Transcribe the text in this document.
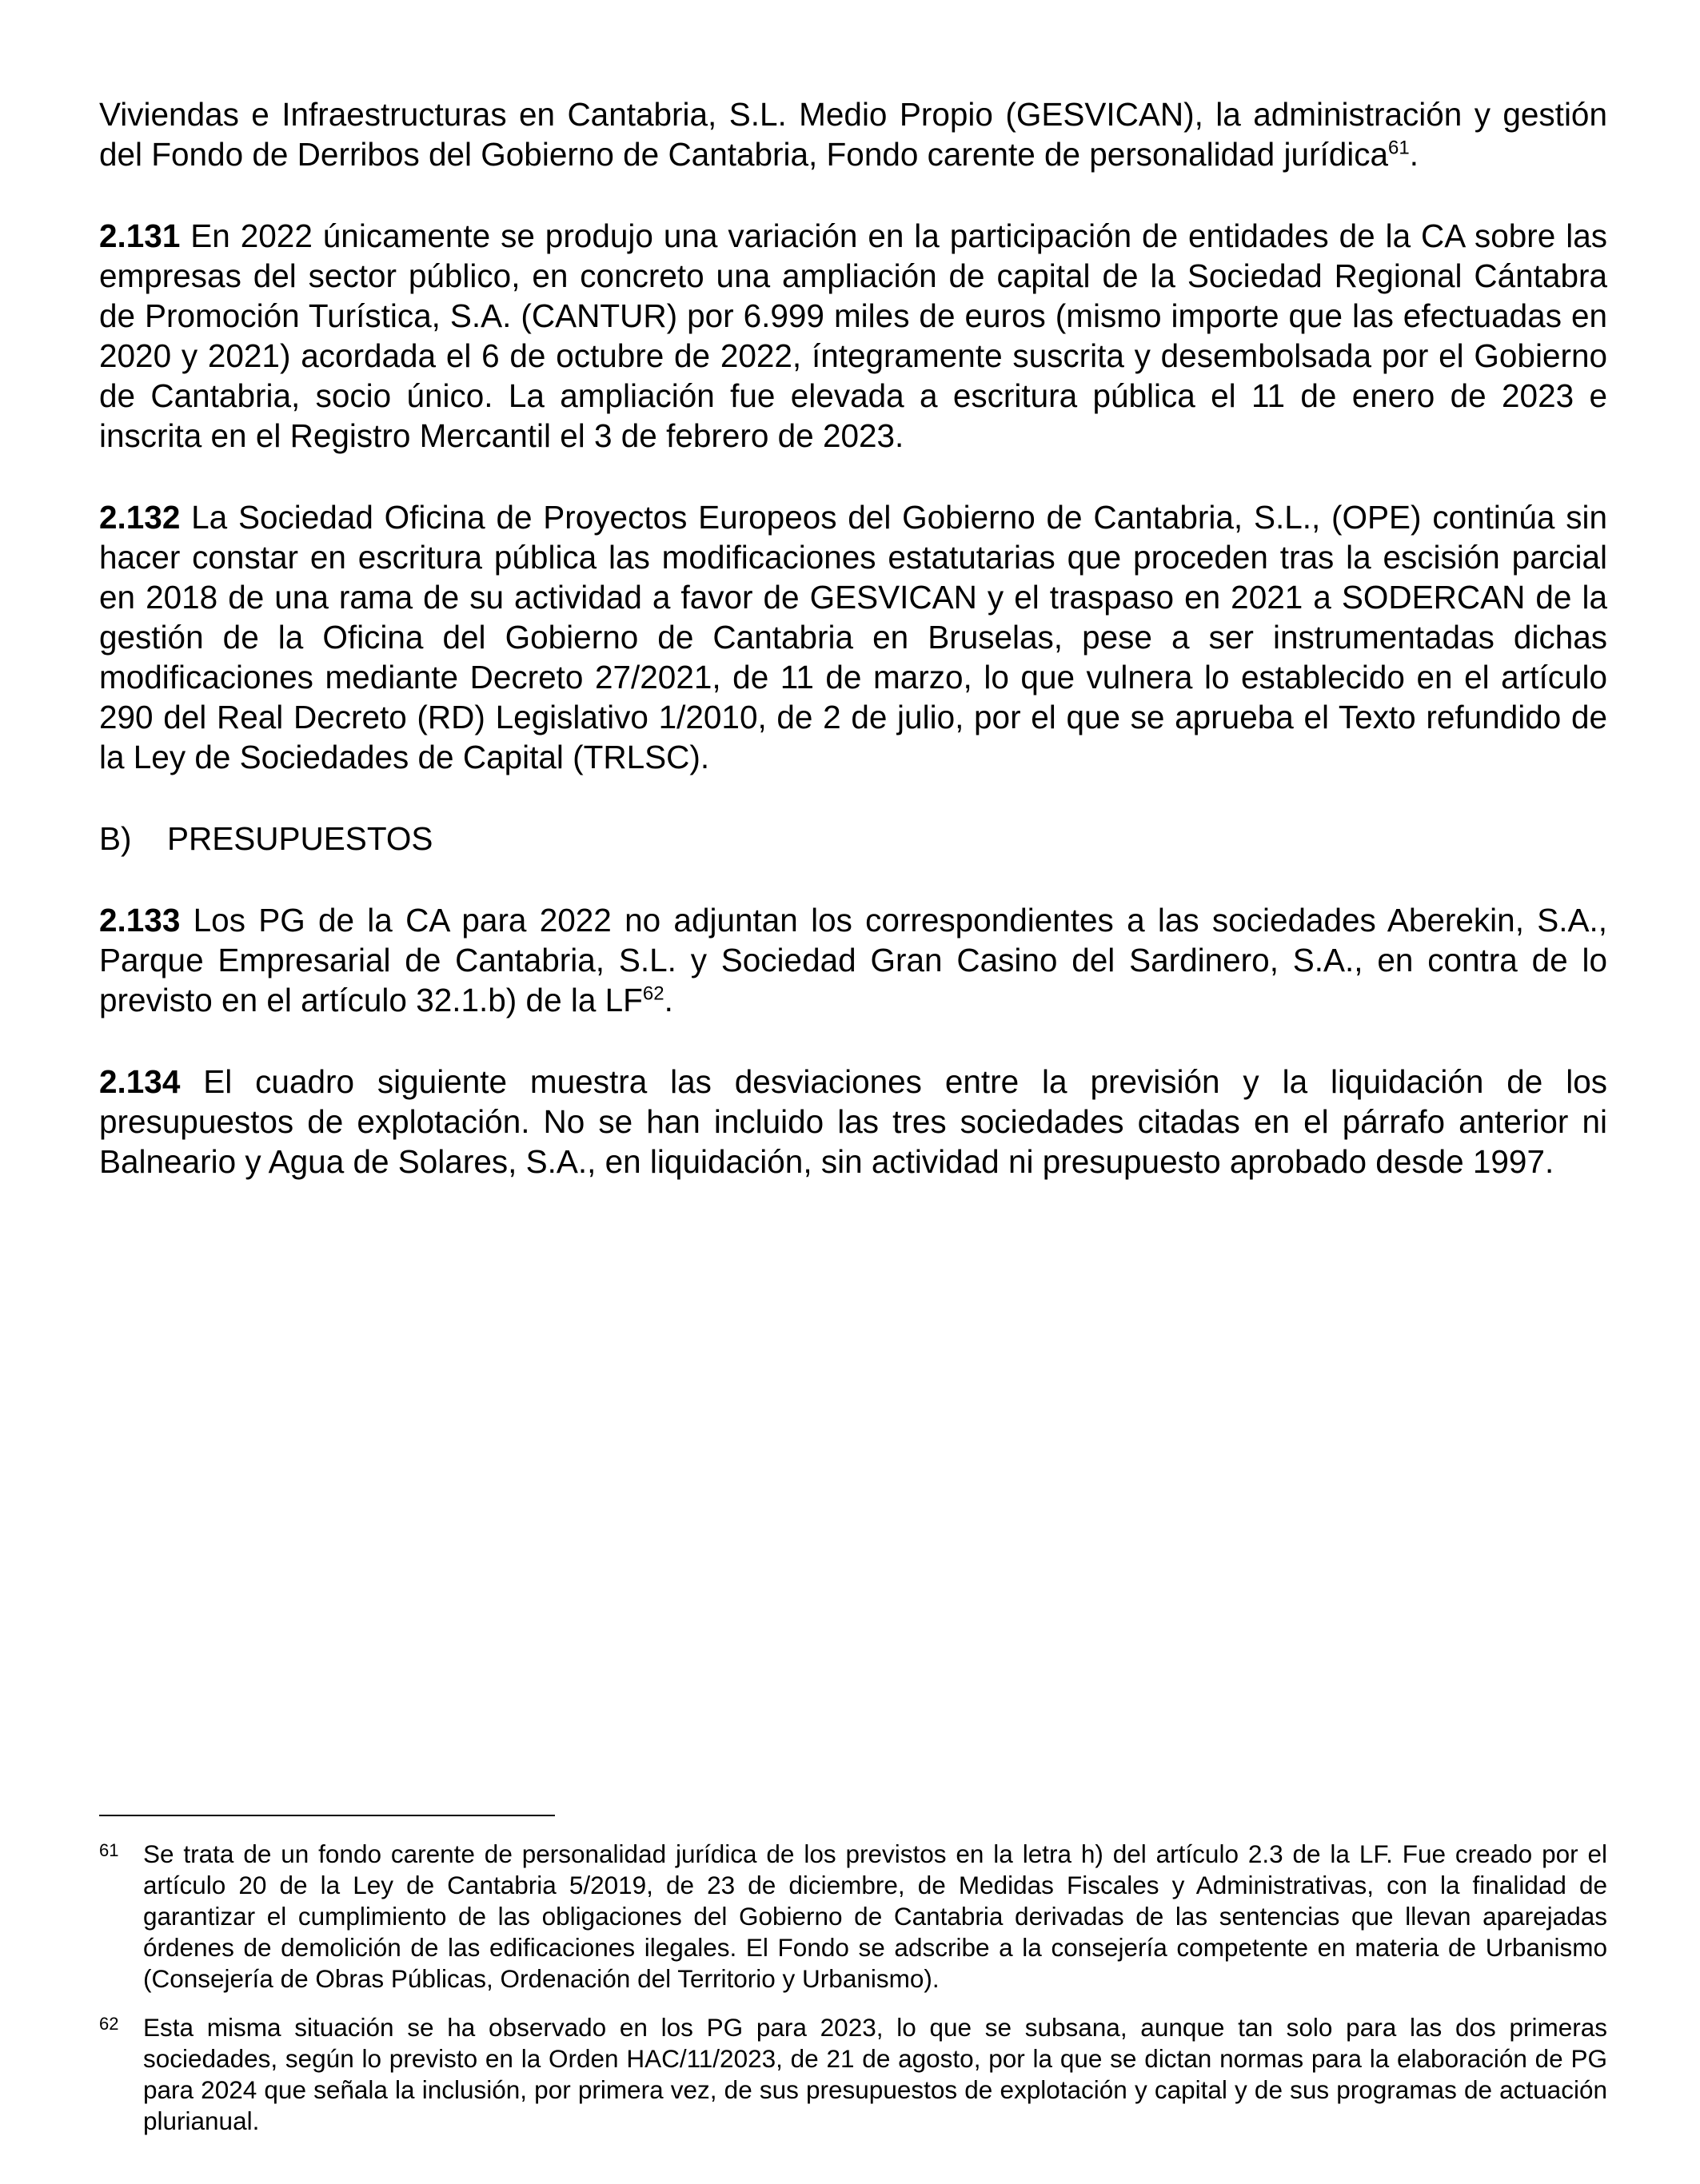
Viviendas e Infraestructuras en Cantabria, S.L. Medio Propio (GESVICAN), la administración y gestión del Fondo de Derribos del Gobierno de Cantabria, Fondo carente de personalidad jurídica$^{61}$.

2.131 En 2022 únicamente se produjo una variación en la participación de entidades de la CA sobre las empresas del sector público, en concreto una ampliación de capital de la Sociedad Regional Cántabra de Promoción Turística, S.A. (CANTUR) por 6.999 miles de euros (mismo importe que las efectuadas en 2020 y 2021) acordada el 6 de octubre de 2022, íntegramente suscrita y desembolsada por el Gobierno de Cantabria, socio único. La ampliación fue elevada a escritura pública el 11 de enero de 2023 e inscrita en el Registro Mercantil el 3 de febrero de 2023.

2.132 La Sociedad Oficina de Proyectos Europeos del Gobierno de Cantabria, S.L., (OPE) continúa sin hacer constar en escritura pública las modificaciones estatutarias que proceden tras la escisión parcial en 2018 de una rama de su actividad a favor de GESVICAN y el traspaso en 2021 a SODERCAN de la gestión de la Oficina del Gobierno de Cantabria en Bruselas, pese a ser instrumentadas dichas modificaciones mediante Decreto 27/2021, de 11 de marzo, lo que vulnera lo establecido en el artículo 290 del Real Decreto (RD) Legislativo 1/2010, de 2 de julio, por el que se aprueba el Texto refundido de la Ley de Sociedades de Capital (TRLSC).

B) PRESUPUESTOS

2.133 Los PG de la CA para 2022 no adjuntan los correspondientes a las sociedades Aberekin, S.A., Parque Empresarial de Cantabria, S.L. y Sociedad Gran Casino del Sardinero, S.A., en contra de lo previsto en el artículo 32.1.b) de la LF$^{62}$.

2.134 El cuadro siguiente muestra las desviaciones entre la previsión y la liquidación de los presupuestos de explotación. No se han incluido las tres sociedades citadas en el párrafo anterior ni Balneario y Agua de Solares, S.A., en liquidación, sin actividad ni presupuesto aprobado desde 1997.

61 Se trata de un fondo carente de personalidad jurídica de los previstos en la letra h) del artículo 2.3 de la LF. Fue creado por el artículo 20 de la Ley de Cantabria 5/2019, de 23 de diciembre, de Medidas Fiscales y Administrativas, con la finalidad de garantizar el cumplimiento de las obligaciones del Gobierno de Cantabria derivadas de las sentencias que llevan aparejadas órdenes de demolición de las edificaciones ilegales. El Fondo se adscribe a la consejería competente en materia de Urbanismo (Consejería de Obras Públicas, Ordenación del Territorio y Urbanismo).
62 Esta misma situación se ha observado en los PG para 2023, lo que se subsana, aunque tan solo para las dos primeras sociedades, según lo previsto en la Orden HAC/11/2023, de 21 de agosto, por la que se dictan normas para la elaboración de PG para 2024 que señala la inclusión, por primera vez, de sus presupuestos de explotación y capital y de sus programas de actuación plurianual.
